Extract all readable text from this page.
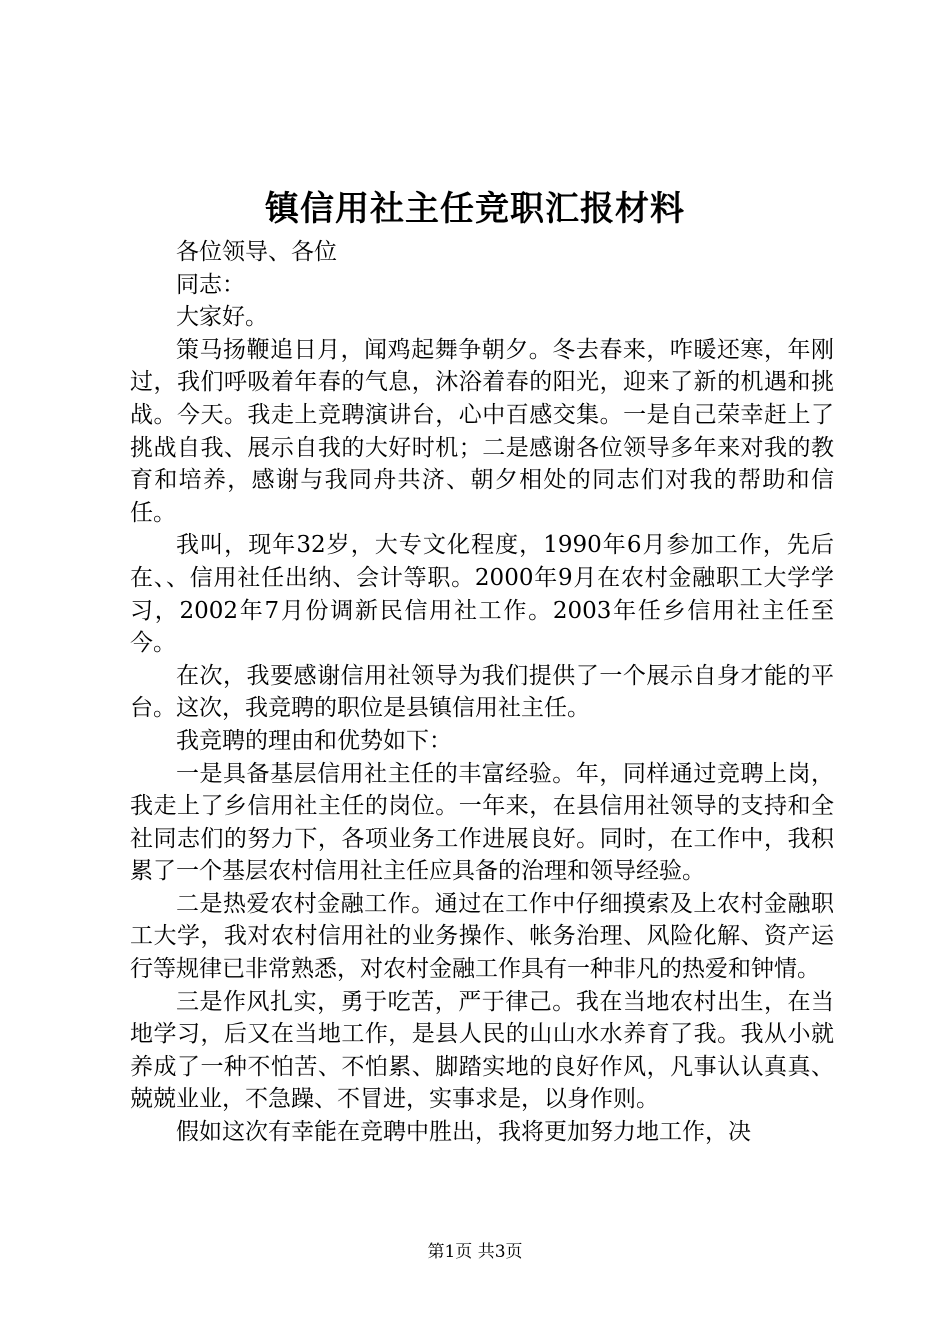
镇信用社主任竞职汇报材料

各位领导、各位

同志：

大家好。

策马扬鞭追日月，闻鸡起舞争朝夕。冬去春来，咋暖还寒，年刚过，我们呼吸着年春的气息，沐浴着春的阳光，迎来了新的机遇和挑战。今天。我走上竞聘演讲台，心中百感交集。一是自己荣幸赶上了挑战自我、展示自我的大好时机；二是感谢各位领导多年来对我的教育和培养，感谢与我同舟共济、朝夕相处的同志们对我的帮助和信任。

我叫，现年32岁，大专文化程度，1990年6月参加工作，先后在、、信用社任出纳、会计等职。2000年9月在农村金融职工大学学习，2002年7月份调新民信用社工作。2003年任乡信用社主任至今。

在次，我要感谢信用社领导为我们提供了一个展示自身才能的平台。这次，我竞聘的职位是县镇信用社主任。

我竞聘的理由和优势如下：

一是具备基层信用社主任的丰富经验。年，同样通过竞聘上岗，我走上了乡信用社主任的岗位。一年来，在县信用社领导的支持和全社同志们的努力下，各项业务工作进展良好。同时，在工作中，我积累了一个基层农村信用社主任应具备的治理和领导经验。

二是热爱农村金融工作。通过在工作中仔细摸索及上农村金融职工大学，我对农村信用社的业务操作、帐务治理、风险化解、资产运行等规律已非常熟悉，对农村金融工作具有一种非凡的热爱和钟情。

三是作风扎实，勇于吃苦，严于律己。我在当地农村出生，在当地学习，后又在当地工作，是县人民的山山水水养育了我。我从小就养成了一种不怕苦、不怕累、脚踏实地的良好作风，凡事认认真真、兢兢业业，不急躁、不冒进，实事求是，以身作则。

假如这次有幸能在竞聘中胜出，我将更加努力地工作，决

第1页 共3页
